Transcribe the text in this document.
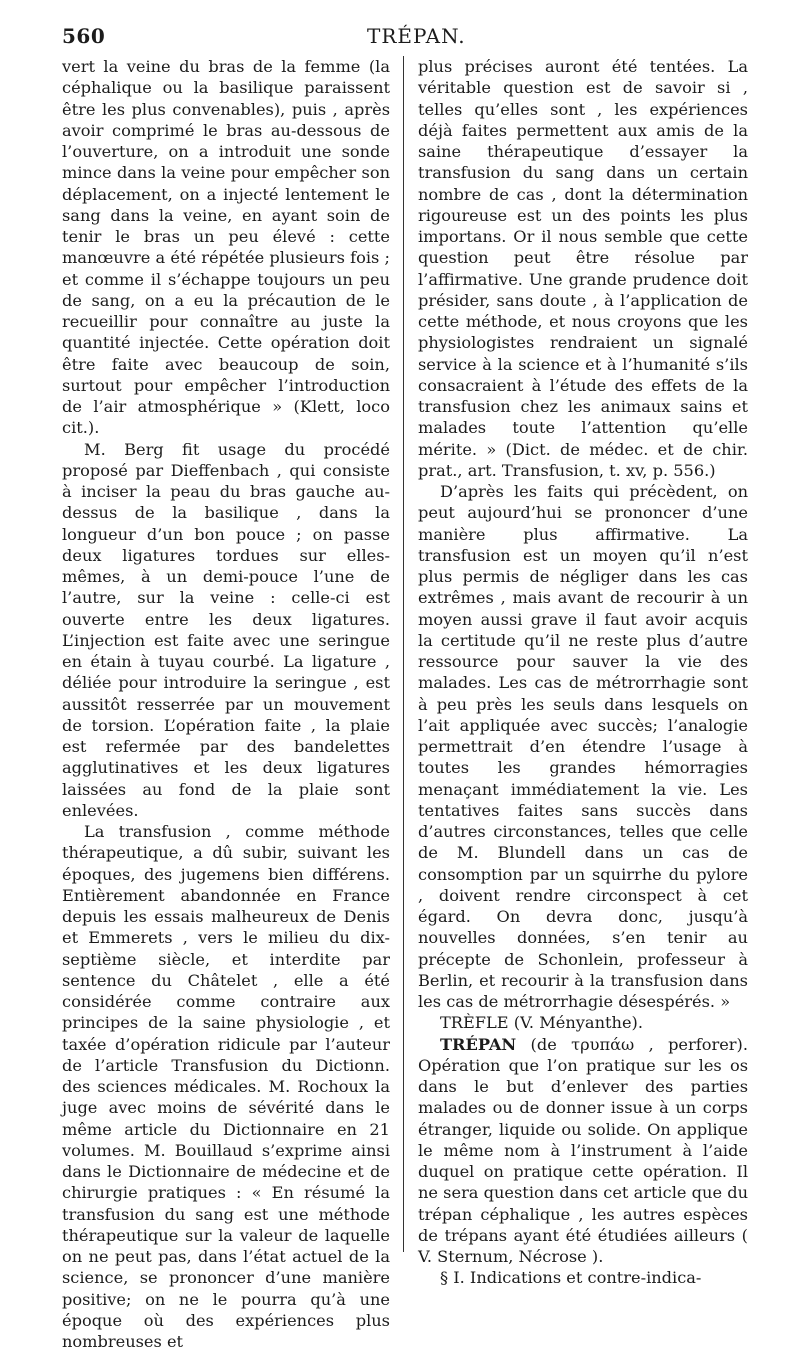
560	TRÉPAN.

vert la veine du bras de la femme (la céphalique ou la basilique paraissent être les plus convenables), puis , après avoir comprimé le bras au-dessous de l’ouverture, on a introduit une sonde mince dans la veine pour empêcher son déplacement, on a injecté lentement le sang dans la veine, en ayant soin de tenir le bras un peu élevé : cette manœuvre a été répétée plusieurs fois ; et comme il s’échappe toujours un peu de sang, on a eu la précaution de le recueillir pour connaître au juste la quantité injectée. Cette opération doit être faite avec beaucoup de soin, surtout pour empêcher l’introduction de l’air atmosphérique » (Klett, loco cit.).

M. Berg fit usage du procédé proposé par Dieffenbach , qui consiste à inciser la peau du bras gauche au-dessus de la basilique , dans la longueur d’un bon pouce ; on passe deux ligatures tordues sur elles-mêmes, à un demi-pouce l’une de l’autre, sur la veine : celle-ci est ouverte entre les deux ligatures. L’injection est faite avec une seringue en étain à tuyau courbé. La ligature , déliée pour introduire la seringue , est aussitôt resserrée par un mouvement de torsion. L’opération faite , la plaie est refermée par des bandelettes agglutinatives et les deux ligatures laissées au fond de la plaie sont enlevées.

La transfusion , comme méthode thérapeutique, a dû subir, suivant les époques, des jugemens bien différens. Entièrement abandonnée en France depuis les essais malheureux de Denis et Emmerets , vers le milieu du dix-septième siècle, et interdite par sentence du Châtelet , elle a été considérée comme contraire aux principes de la saine physiologie , et taxée d’opération ridicule par l’auteur de l’article Transfusion du Dictionn. des sciences médicales. M. Rochoux la juge avec moins de sévérité dans le même article du Dictionnaire en 21 volumes. M. Bouillaud s’exprime ainsi dans le Dictionnaire de médecine et de chirurgie pratiques : « En résumé la transfusion du sang est une méthode thérapeutique sur la valeur de laquelle on ne peut pas, dans l’état actuel de la science, se prononcer d’une manière positive; on ne le pourra qu’à une époque où des expériences plus nombreuses et

plus précises auront été tentées. La véritable question est de savoir si , telles qu’elles sont , les expériences déjà faites permettent aux amis de la saine thérapeutique d’essayer la transfusion du sang dans un certain nombre de cas , dont la détermination rigoureuse est un des points les plus importans. Or il nous semble que cette question peut être résolue par l’affirmative. Une grande prudence doit présider, sans doute , à l’application de cette méthode, et nous croyons que les physiologistes rendraient un signalé service à la science et à l’humanité s’ils consacraient à l’étude des effets de la transfusion chez les animaux sains et malades toute l’attention qu’elle mérite. » (Dict. de médec. et de chir. prat., art. Transfusion, t. xv, p. 556.)

D’après les faits qui précèdent, on peut aujourd’hui se prononcer d’une manière plus affirmative. La transfusion est un moyen qu’il n’est plus permis de négliger dans les cas extrêmes , mais avant de recourir à un moyen aussi grave il faut avoir acquis la certitude qu’il ne reste plus d’autre ressource pour sauver la vie des malades. Les cas de métrorrhagie sont à peu près les seuls dans lesquels on l’ait appliquée avec succès; l’analogie permettrait d’en étendre l’usage à toutes les grandes hémorragies menaçant immédiatement la vie. Les tentatives faites sans succès dans d’autres circonstances, telles que celle de M. Blundell dans un cas de consomption par un squirrhe du pylore , doivent rendre circonspect à cet égard. On devra donc, jusqu’à nouvelles données, s’en tenir au précepte de Schonlein, professeur à Berlin, et recourir à la transfusion dans les cas de métrorrhagie désespérés. »

TRÈFLE (V. Ményanthe).

TRÉPAN (de τρυπάω , perforer). Opération que l’on pratique sur les os dans le but d’enlever des parties malades ou de donner issue à un corps étranger, liquide ou solide. On applique le même nom à l’instrument à l’aide duquel on pratique cette opération. Il ne sera question dans cet article que du trépan céphalique , les autres espèces de trépans ayant été étudiées ailleurs ( V. Sternum, Nécrose ).

§ I. Indications et contre-indica-
